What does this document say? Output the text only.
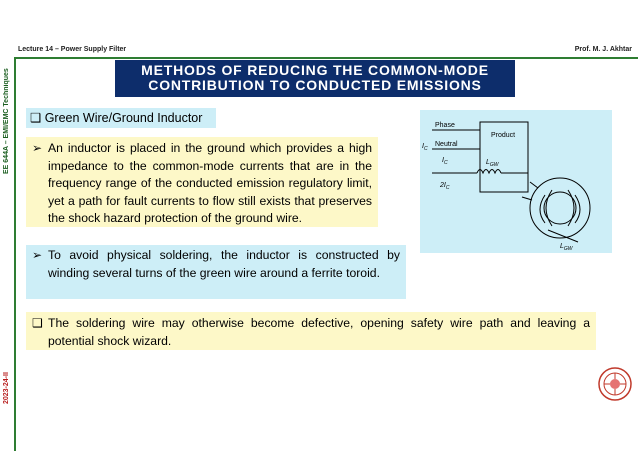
Lecture 14 – Power Supply Filter	Prof. M. J. Akhtar
EE 644A – EMI/EMC Techniques
2023-24-II
METHODS OF REDUCING THE COMMON-MODE
CONTRIBUTION TO CONDUCTED EMISSIONS
❑ Green Wire/Ground Inductor
➢ An inductor is placed in the ground which provides a high impedance to the common-mode currents that are in the frequency range of the conducted emission regulatory limit, yet a path for fault currents to flow still exists that preserves the shock hazard protection of the ground wire.
➢ To avoid physical soldering, the inductor is constructed by winding several turns of the green wire around a ferrite toroid.
❑ The soldering wire may otherwise become defective, opening safety wire path and leaving a potential shock wizard.
Phase
Neutral
Product
$I_C$
$I_C$
$2I_C$
$L_{GW}$
$L_{GW}$
